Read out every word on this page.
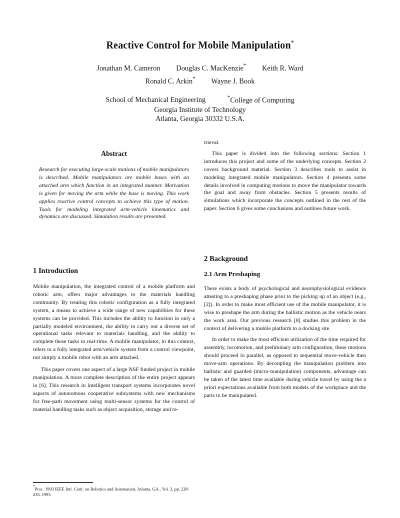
Reactive Control for Mobile Manipulation*
Jonathan M. Cameron Douglas C. MacKenzie* Keith R. Ward
Ronald C. Arkin* Wayne J. Book
School of Mechanical Engineering	*College of Computing
Georgia Institute of Technology
Atlanta, Georgia 30332 U.S.A.
Abstract

Research for executing large-scale motions of mobile manipulators is described. Mobile manipulators are mobile bases with an attached arm which function in an integrated manner. Motivation is given for moving the arm while the base is moving. This work applies reactive control concepts to achieve this type of motion. Tools for modeling integrated arm-vehicle kinematics and dynamics are discussed. Simulation results are presented.

1 Introduction

Mobile manipulation, the integrated control of a mobile platform and robotic arm, offers major advantages to the materials handling community. By treating this robotic configuration as a fully integrated system, a means to achieve a wide range of new capabilities for these systems can be provided. This includes the ability to function in only a partially modeled environment, the ability to carry out a diverse set of operational tasks relevant to materials handling, and the ability to complete these tasks in real-time. A mobile manipulator, in this context, refers to a fully integrated arm/vehicle system from a control viewpoint, not simply a mobile robot with an arm attached.

This paper covers one aspect of a large NSF funded project in mobile manipulation. A more complete description of the entire project appears in [6]. This research in intelligent transport systems incorporates novel aspects of autonomous cooperative subsystems with new mechanisms for free-path movement using multi-sensor systems for the control of material handling tasks such as object acquisition, storage and re-

*Proc. 1993 IEEE Intl. Conf. on Robotics and Automation, Atlanta, GA., Vol. 3, pp. 228-233, 1993

trieval.

This paper is divided into the following sections: Section 1 introduces this project and some of the underlying concepts. Section 2 covers background material. Section 3 describes tools to assist in modeling integrated mobile manipulators. Section 4 presents some details involved in computing motions to move the manipulator towards the goal and away from obstacles. Section 5 presents results of simulations which incorporate the concepts outlined in the rest of the paper. Section 6 gives some conclusions and outlines future work.

2 Background
2.1 Arm Preshaping

There exists a body of psychological and neurophysiological evidence attesting to a preshaping phase prior to the picking up of an object (e.g., [2]). In order to make most efficient use of the mobile manipulator, it is wise to preshape the arm during the ballistic motion as the vehicle nears the work area. Our previous research [8] studies this problem in the context of delivering a mobile platform to a docking site.

In order to make the most efficient utilization of the time required for assembly, locomotion, and preliminary arm configuration, these motions should proceed in parallel, as opposed to sequential move-vehicle then move-arm operations. By decoupling the manipulation problem into ballistic and guarded (micro-manipulation) components, advantage can be taken of the latest time available during vehicle travel by using the a priori expectations available from both models of the workplace and the parts to be manipulated.
